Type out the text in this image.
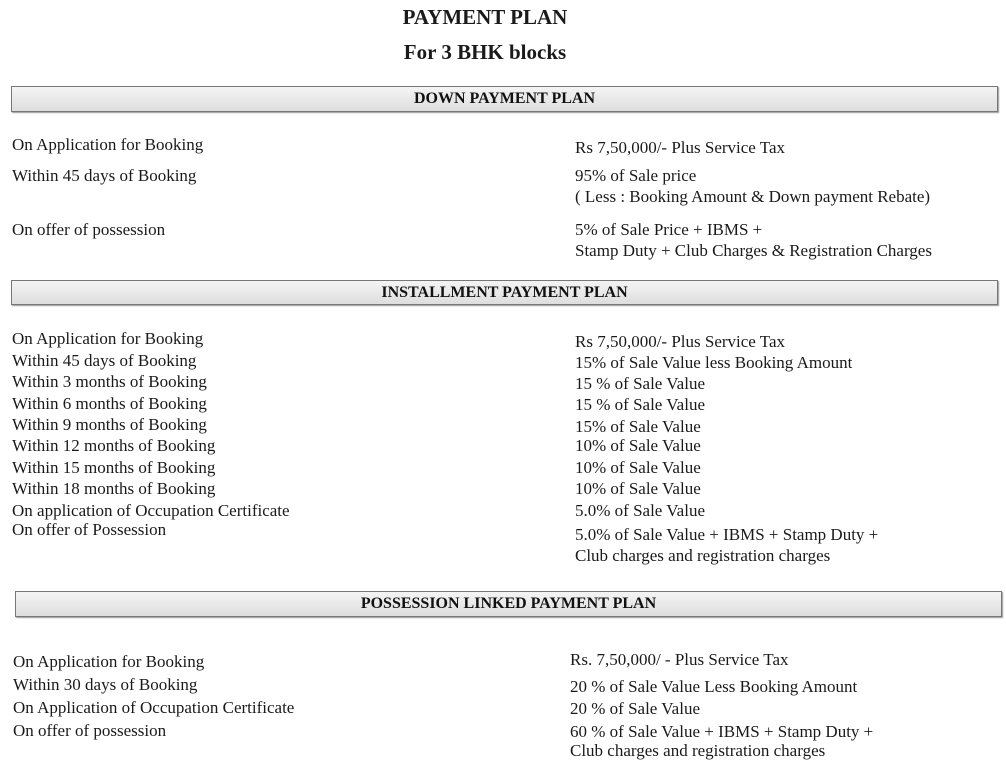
PAYMENT PLAN
For 3 BHK blocks
DOWN PAYMENT PLAN
On Application for Booking	Rs 7,50,000/- Plus Service Tax
Within 45 days of Booking	95% of Sale price
( Less : Booking Amount & Down payment Rebate)
On offer of possession	5% of Sale Price + IBMS +
Stamp Duty + Club Charges & Registration Charges
INSTALLMENT PAYMENT PLAN
On Application for Booking	Rs 7,50,000/- Plus Service Tax
Within 45 days of Booking	15% of Sale Value less Booking Amount
Within 3 months of Booking	15 % of Sale Value
Within 6 months of Booking	15 % of Sale Value
Within 9 months of Booking	15% of Sale Value
Within 12 months of Booking	10% of Sale Value
Within 15 months of Booking	10% of Sale Value
Within 18 months of Booking	10% of Sale Value
On application of Occupation Certificate	5.0% of Sale Value
On offer of Possession	5.0% of Sale Value + IBMS + Stamp Duty +
Club charges and registration charges
POSSESSION LINKED PAYMENT PLAN
On Application for Booking	Rs. 7,50,000/ - Plus Service Tax
Within 30 days of Booking	20 % of Sale Value Less Booking Amount
On Application of Occupation Certificate	20 % of Sale Value
On offer of possession	60 % of Sale Value + IBMS + Stamp Duty +
Club charges and registration charges
